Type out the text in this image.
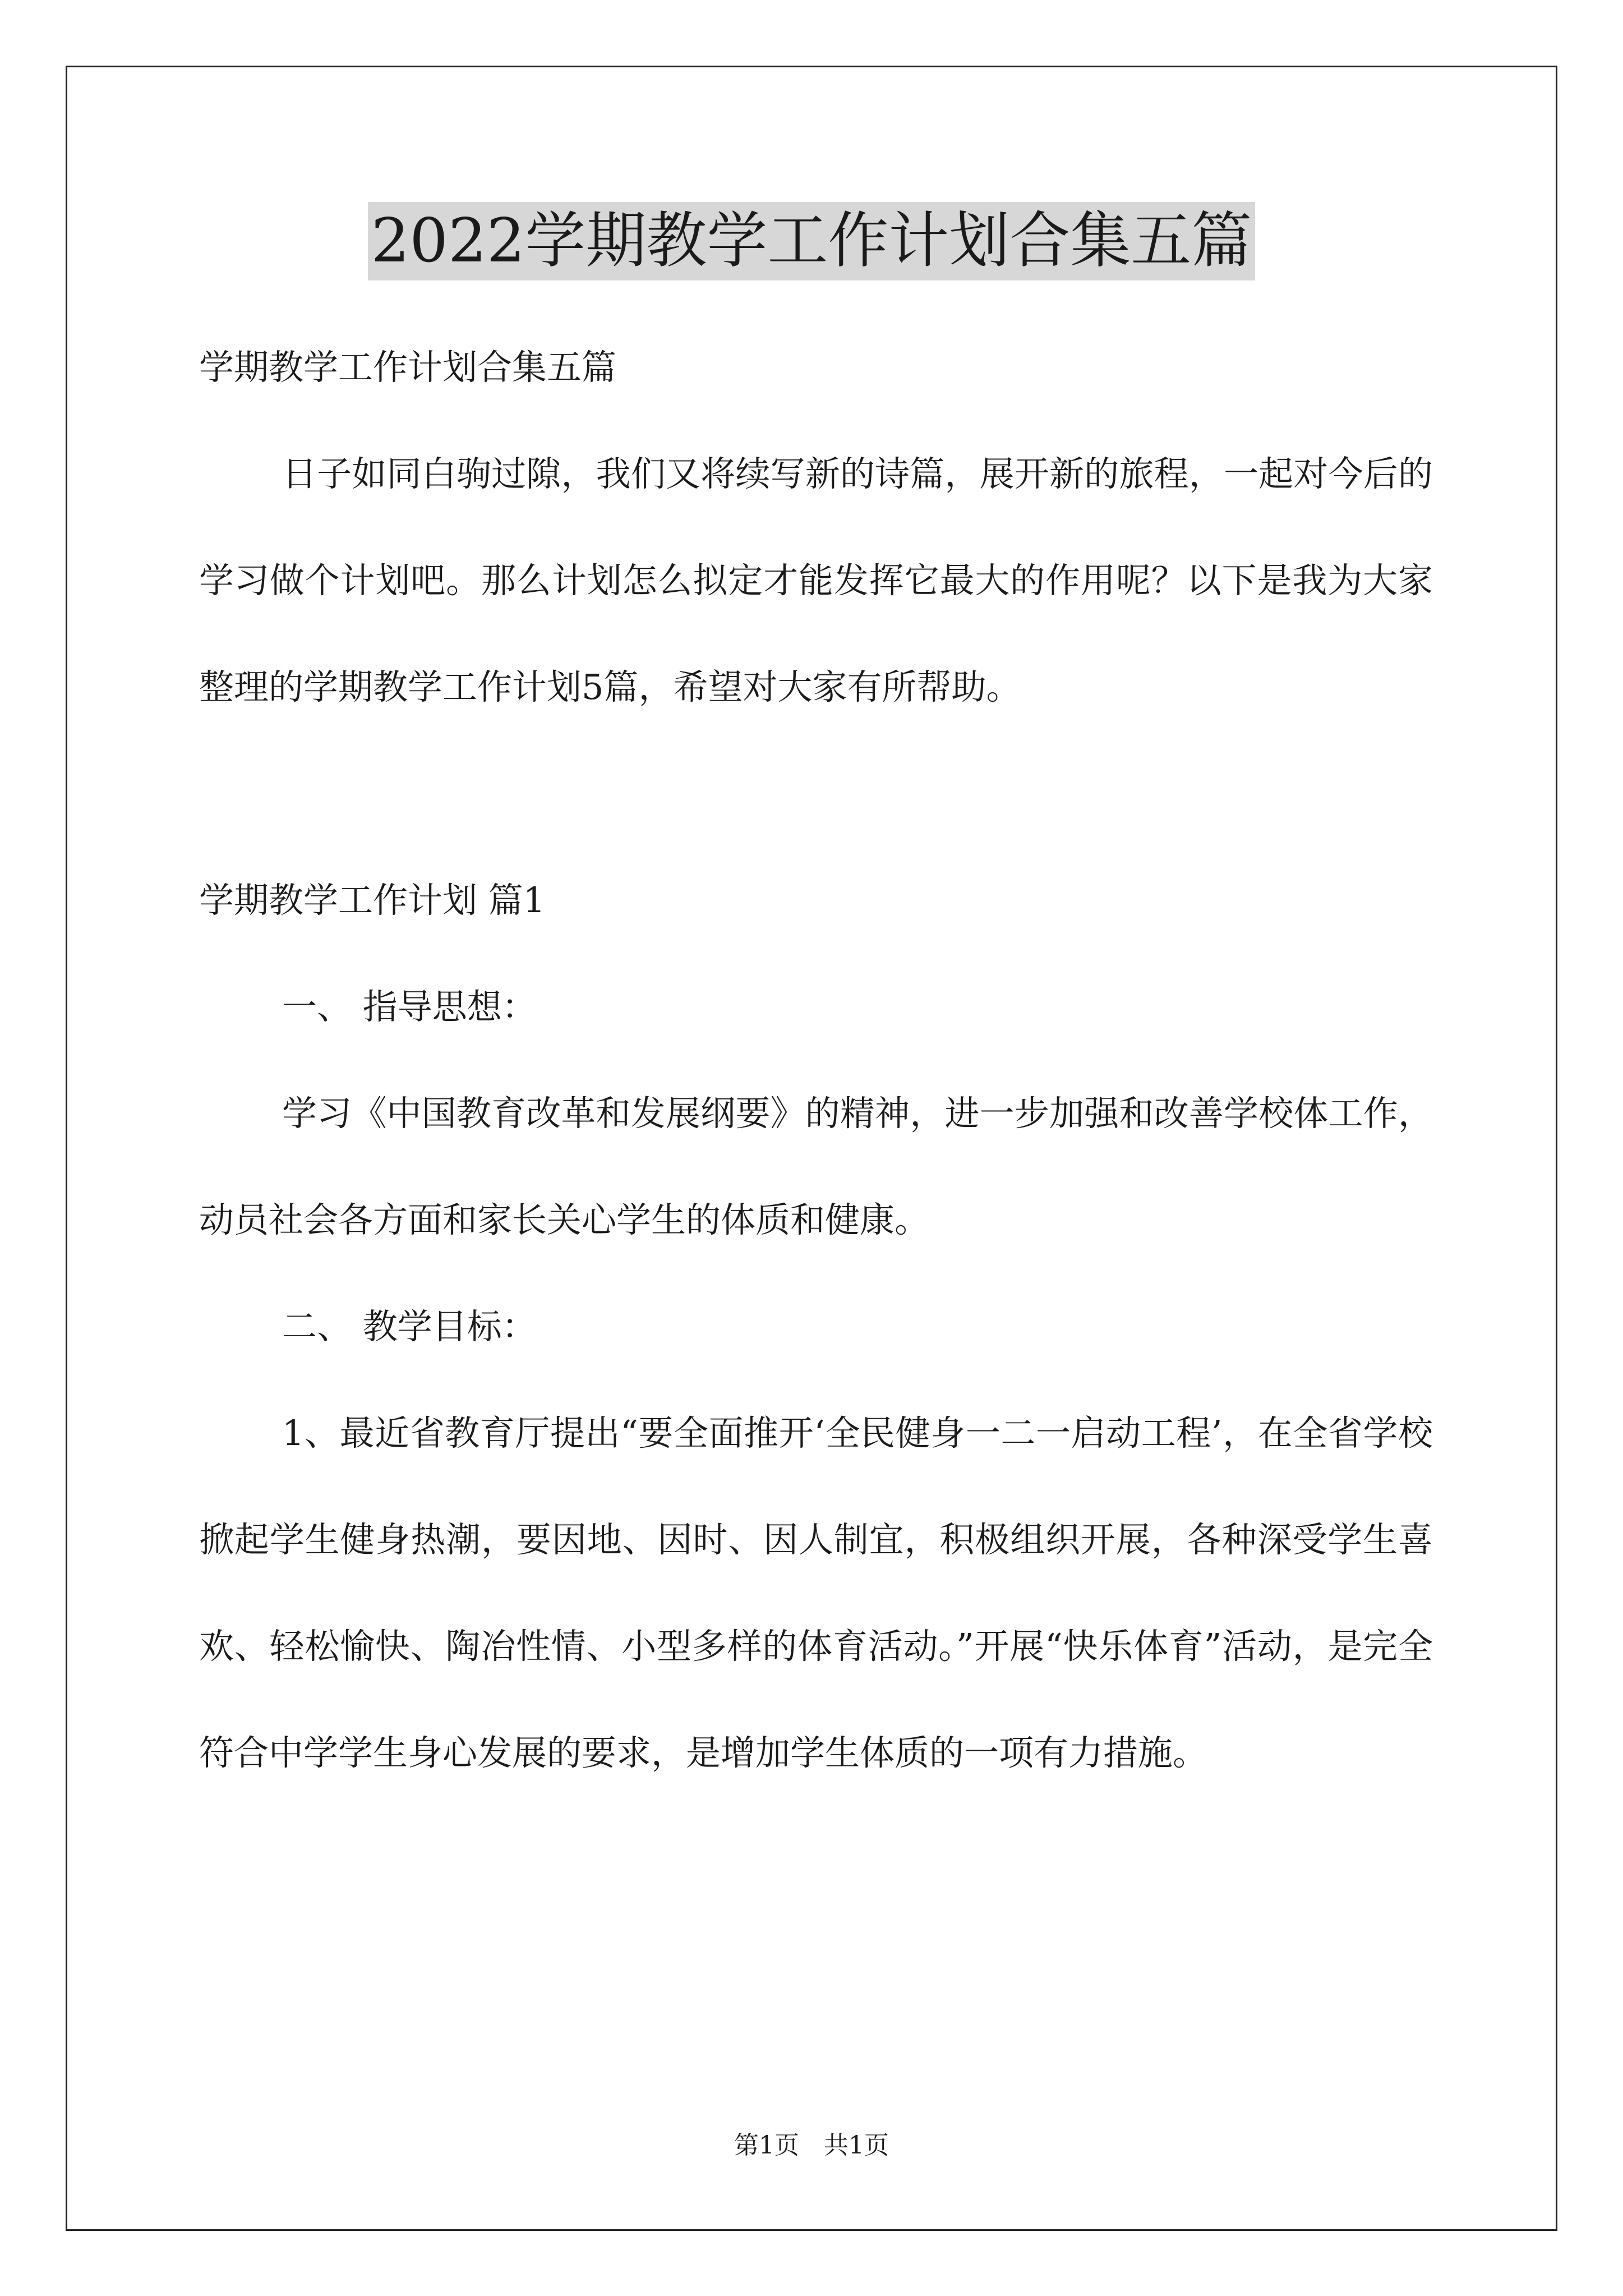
2022学期教学工作计划合集五篇

学期教学工作计划合集五篇

日子如同白驹过隙，我们又将续写新的诗篇，展开新的旅程，一起对今后的学习做个计划吧。那么计划怎么拟定才能发挥它最大的作用呢？以下是我为大家整理的学期教学工作计划5篇，希望对大家有所帮助。

学期教学工作计划 篇1

一、 指导思想：

学习《中国教育改革和发展纲要》的精神，进一步加强和改善学校体工作，动员社会各方面和家长关心学生的体质和健康。

二、 教学目标：

1、最近省教育厅提出“要全面推开‘全民健身一二一启动工程’，在全省学校掀起学生健身热潮，要因地、因时、因人制宜，积极组织开展，各种深受学生喜欢、轻松愉快、陶冶性情、小型多样的体育活动。”开展“快乐体育”活动，是完全符合中学学生身心发展的要求，是增加学生体质的一项有力措施。

第1页　共1页
